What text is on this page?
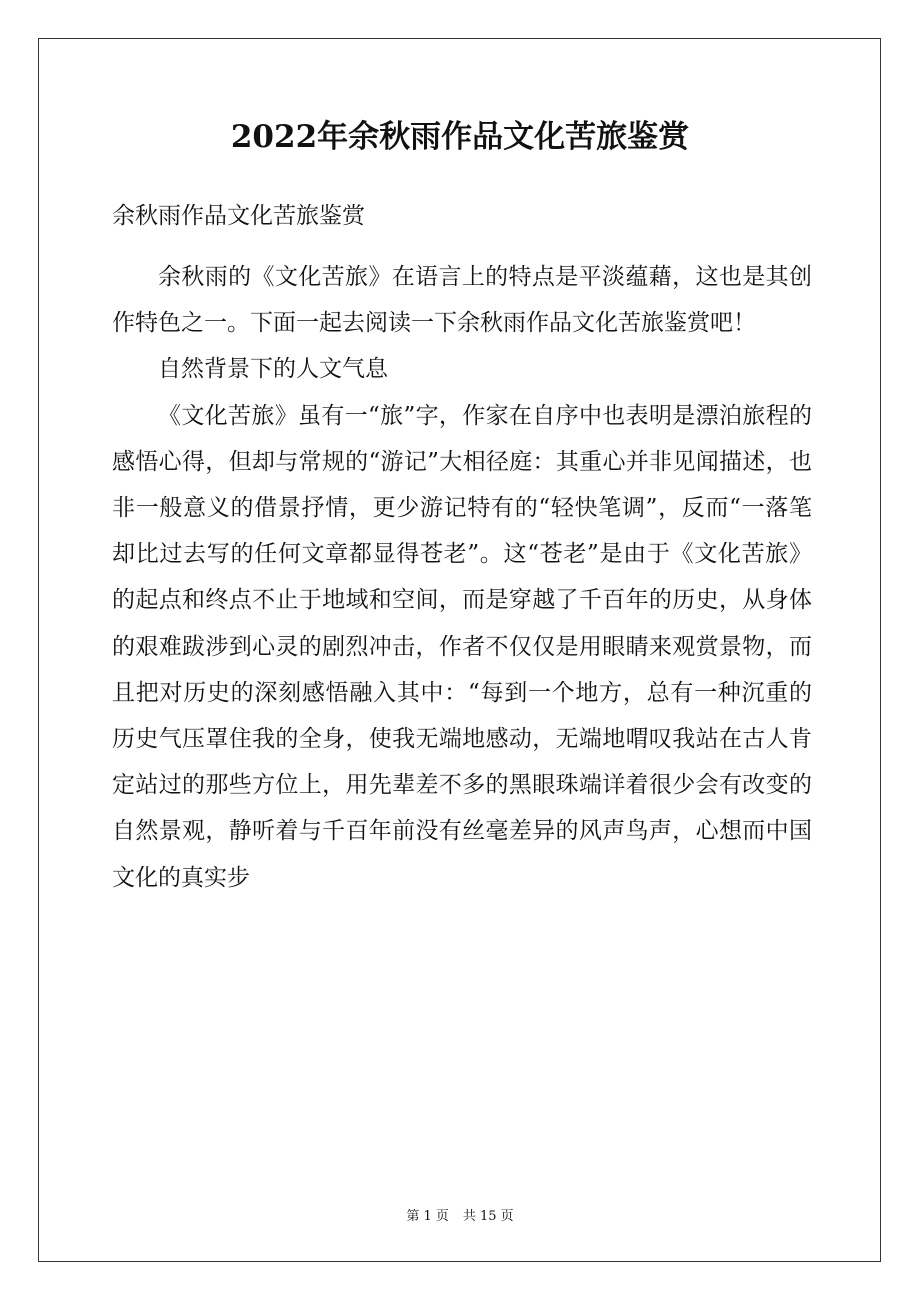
2022年余秋雨作品文化苦旅鉴赏
余秋雨作品文化苦旅鉴赏

余秋雨的《文化苦旅》在语言上的特点是平淡蕴藉，这也是其创作特色之一。下面一起去阅读一下余秋雨作品文化苦旅鉴赏吧！

自然背景下的人文气息

《文化苦旅》虽有一“旅”字，作家在自序中也表明是漂泊旅程的感悟心得，但却与常规的“游记”大相径庭：其重心并非见闻描述，也非一般意义的借景抒情，更少游记特有的“轻快笔调”，反而“一落笔却比过去写的任何文章都显得苍老”。这“苍老”是由于《文化苦旅》的起点和终点不止于地域和空间，而是穿越了千百年的历史，从身体的艰难跋涉到心灵的剧烈冲击，作者不仅仅是用眼睛来观赏景物，而且把对历史的深刻感悟融入其中：“每到一个地方，总有一种沉重的历史气压罩住我的全身，使我无端地感动，无端地喟叹我站在古人肯定站过的那些方位上，用先辈差不多的黑眼珠端详着很少会有改变的自然景观，静听着与千百年前没有丝毫差异的风声鸟声，心想而中国文化的真实步

第 1 页 共 15 页
